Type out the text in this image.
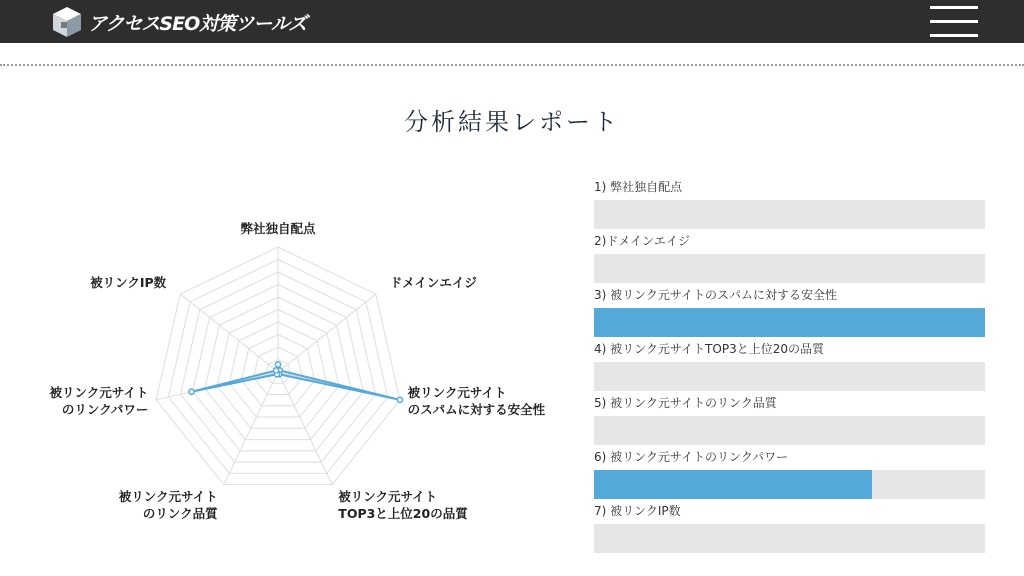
アクセスSEO対策ツールズ
分析結果レポート
弊社独自配点
ドメインエイジ
被リンク元サイトのスパムに対する安全性
被リンク元サイト TOP3と上位20の品質
被リンク元サイトのリンク品質
被リンク元サイトのリンクパワー
被リンクIP数
1) 弊社独自配点
2)ドメインエイジ
3) 被リンク元サイトのスパムに対する安全性
4) 被リンク元サイトTOP3と上位20の品質
5) 被リンク元サイトのリンク品質
6) 被リンク元サイトのリンクパワー
7) 被リンクIP数
